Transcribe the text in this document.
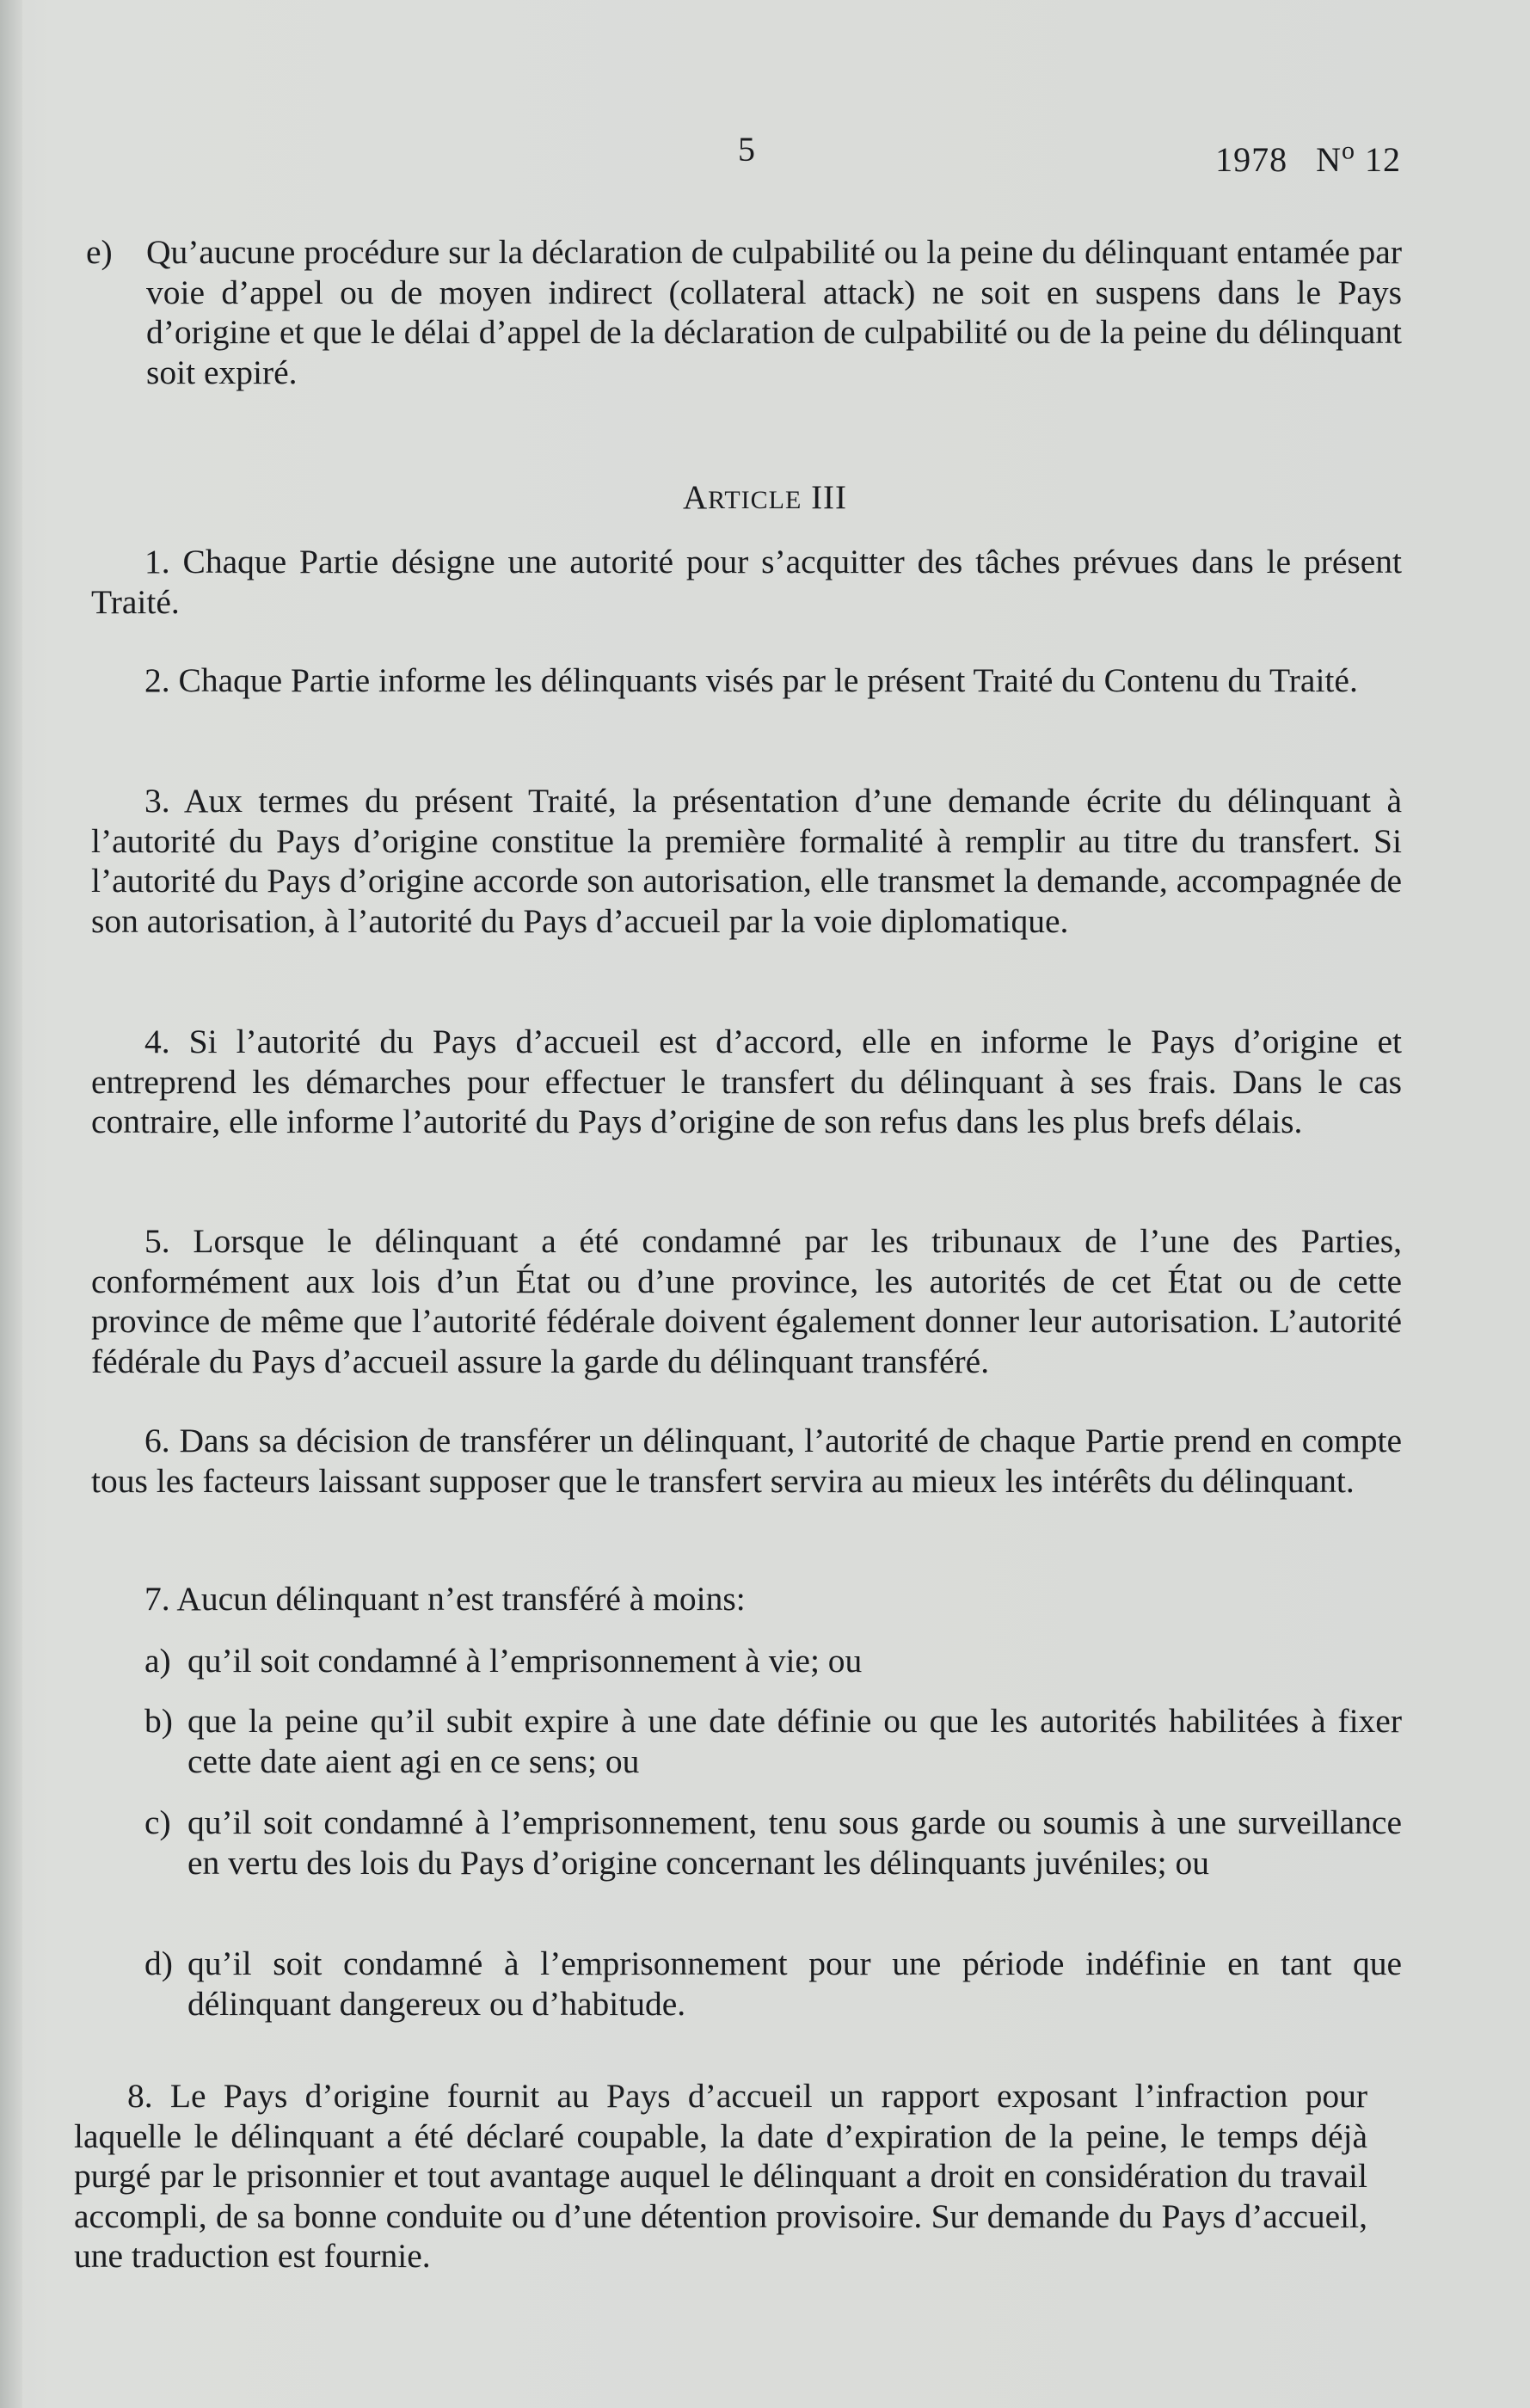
5	1978 $N^o$ 12
e) Qu’aucune procédure sur la déclaration de culpabilité ou la peine du délinquant entamée par voie d’appel ou de moyen indirect (collateral attack) ne soit en suspens dans le Pays d’origine et que le délai d’appel de la déclaration de culpabilité ou de la peine du délinquant soit expiré.
ARTICLE III

1. Chaque Partie désigne une autorité pour s’acquitter des tâches prévues dans le présent Traité.

2. Chaque Partie informe les délinquants visés par le présent Traité du Contenu du Traité.

3. Aux termes du présent Traité, la présentation d’une demande écrite du délinquant à l’autorité du Pays d’origine constitue la première formalité à remplir au titre du transfert. Si l’autorité du Pays d’origine accorde son autorisation, elle transmet la demande, accompagnée de son autorisation, à l’autorité du Pays d’accueil par la voie diplomatique.

4. Si l’autorité du Pays d’accueil est d’accord, elle en informe le Pays d’origine et entreprend les démarches pour effectuer le transfert du délinquant à ses frais. Dans le cas contraire, elle informe l’autorité du Pays d’origine de son refus dans les plus brefs délais.

5. Lorsque le délinquant a été condamné par les tribunaux de l’une des Parties, conformément aux lois d’un État ou d’une province, les autorités de cet État ou de cette province de même que l’autorité fédérale doivent également donner leur autorisation. L’autorité fédérale du Pays d’accueil assure la garde du délinquant transféré.

6. Dans sa décision de transférer un délinquant, l’autorité de chaque Partie prend en compte tous les facteurs laissant supposer que le transfert servira au mieux les intérêts du délinquant.

7. Aucun délinquant n’est transféré à moins:

a) qu’il soit condamné à l’emprisonnement à vie; ou
b) que la peine qu’il subit expire à une date définie ou que les autorités habilitées à fixer cette date aient agi en ce sens; ou
c) qu’il soit condamné à l’emprisonnement, tenu sous garde ou soumis à une surveillance en vertu des lois du Pays d’origine concernant les délinquants juvéniles; ou
d) qu’il soit condamné à l’emprisonnement pour une période indéfinie en tant que délinquant dangereux ou d’habitude.

8. Le Pays d’origine fournit au Pays d’accueil un rapport exposant l’infraction pour laquelle le délinquant a été déclaré coupable, la date d’expiration de la peine, le temps déjà purgé par le prisonnier et tout avantage auquel le délinquant a droit en considération du travail accompli, de sa bonne conduite ou d’une détention provisoire. Sur demande du Pays d’accueil, une traduction est fournie.
